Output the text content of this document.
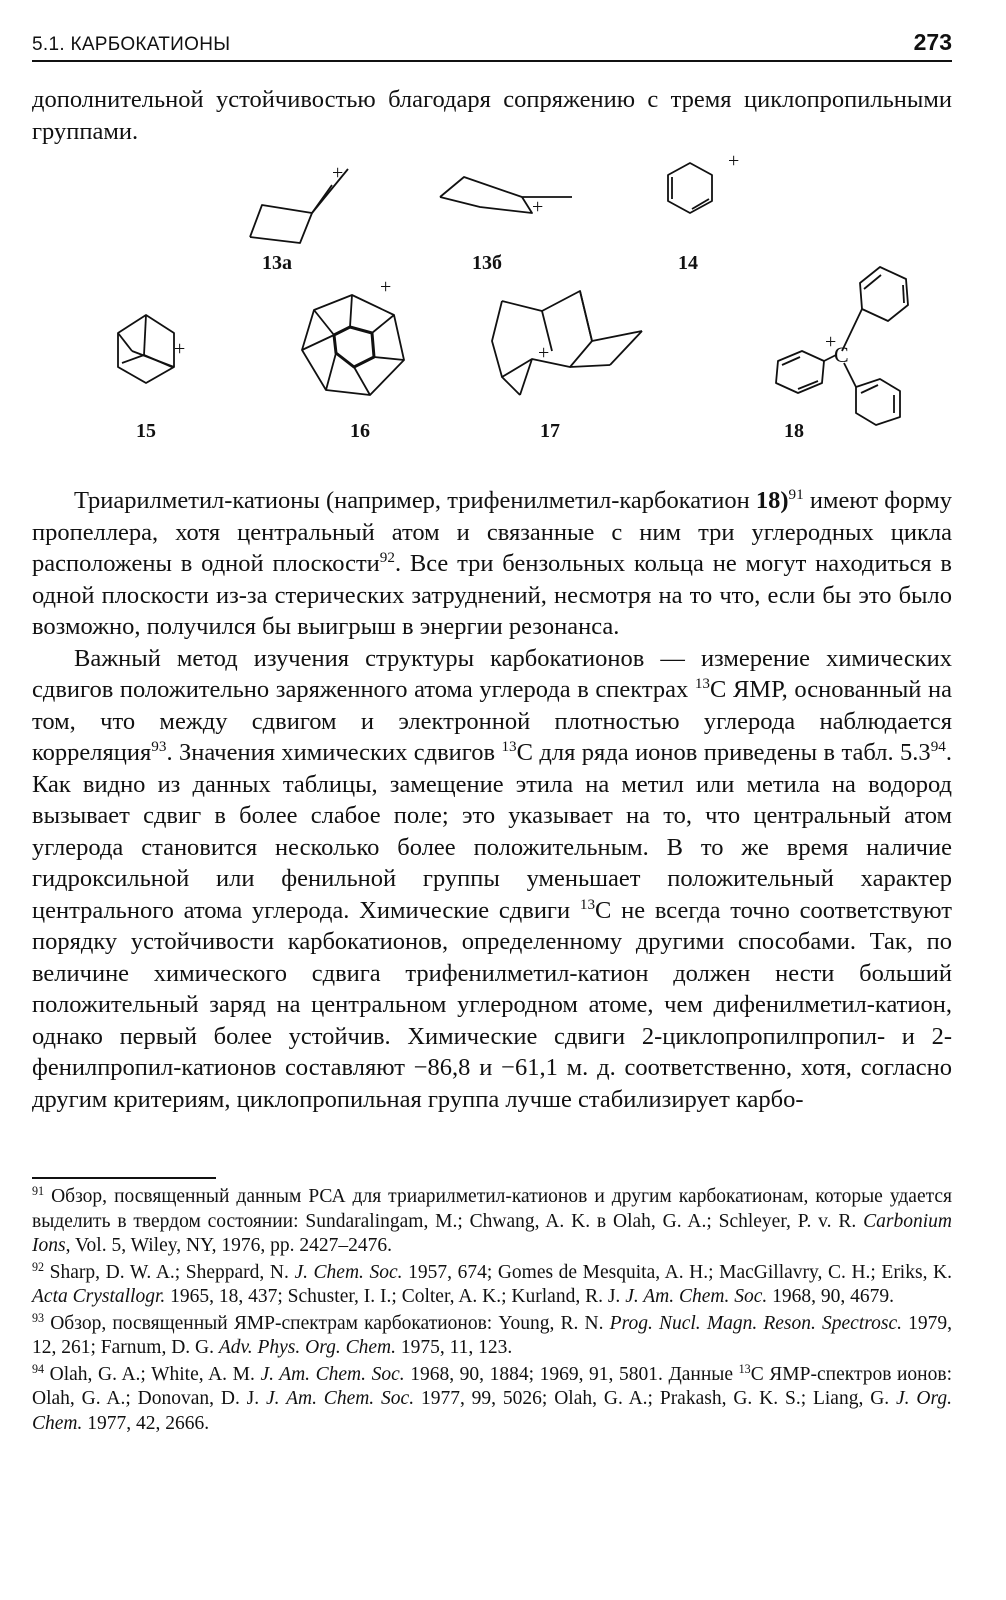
5.1. КАРБОКАТИОНЫ	273

дополнительной устойчивостью благодаря сопряжению с тремя циклопропильными группами.

+
+
+
+
+
+	+
C
13а	13б	14
15	16	17	18

Триарилметил-катионы (например, трифенилметил-карбокатион 18)$^{91}$ имеют форму пропеллера, хотя центральный атом и связанные с ним три углеродных цикла расположены в одной плоскости$^{92}$. Все три бензольных кольца не могут находиться в одной плоскости из-за стерических затруднений, несмотря на то что, если бы это было возможно, получился бы выигрыш в энергии резонанса.

Важный метод изучения структуры карбокатионов — измерение химических сдвигов положительно заряженного атома углерода в спектрах $^{13}$С ЯМР, основанный на том, что между сдвигом и электронной плотностью углерода наблюдается корреляция$^{93}$. Значения химических сдвигов $^{13}$С для ряда ионов приведены в табл. $5.3^{94}$. Как видно из данных таблицы, замещение этила на метил или метила на водород вызывает сдвиг в более слабое поле; это указывает на то, что центральный атом углерода становится несколько более положительным. В то же время наличие гидроксильной или фенильной группы уменьшает положительный характер центрального атома углерода. Химические сдвиги $^{13}$С не всегда точно соответствуют порядку устойчивости карбокатионов, определенному другими способами. Так, по величине химического сдвига трифенилметил-катион должен нести больший положительный заряд на центральном углеродном атоме, чем дифенилметил-катион, однако первый более устойчив. Химические сдвиги 2-циклопропилпропил- и 2-фенилпропил-катионов составляют −86,8 и −61,1 м. д. соответственно, хотя, согласно другим критериям, циклопропильная группа лучше стабилизирует карбо-

$^{91}$ Обзор, посвященный данным РСА для триарилметил-катионов и другим карбокатионам, которые удается выделить в твердом состоянии: Sundaralingam, M.; Chwang, A. K. в Olah, G. A.; Schleyer, P. v. R. Carbonium Ions, Vol. 5, Wiley, NY, 1976, pp. 2427–2476.

$^{92}$ Sharp, D. W. A.; Sheppard, N. J. Chem. Soc. 1957, 674; Gomes de Mesquita, A. H.; MacGillavry, C. H.; Eriks, K. Acta Crystallogr. 1965, 18, 437; Schuster, I. I.; Colter, A. K.; Kurland, R. J. J. Am. Chem. Soc. 1968, 90, 4679.

$^{93}$ Обзор, посвященный ЯМР-спектрам карбокатионов: Young, R. N. Prog. Nucl. Magn. Reson. Spectrosc. 1979, 12, 261; Farnum, D. G. Adv. Phys. Org. Chem. 1975, 11, 123.

$^{94}$ Olah, G. A.; White, A. M. J. Am. Chem. Soc. 1968, 90, 1884; 1969, 91, 5801. Данные $^{13}$С ЯМР-спектров ионов: Olah, G. A.; Donovan, D. J. J. Am. Chem. Soc. 1977, 99, 5026; Olah, G. A.; Prakash, G. K. S.; Liang, G. J. Org. Chem. 1977, 42, 2666.
